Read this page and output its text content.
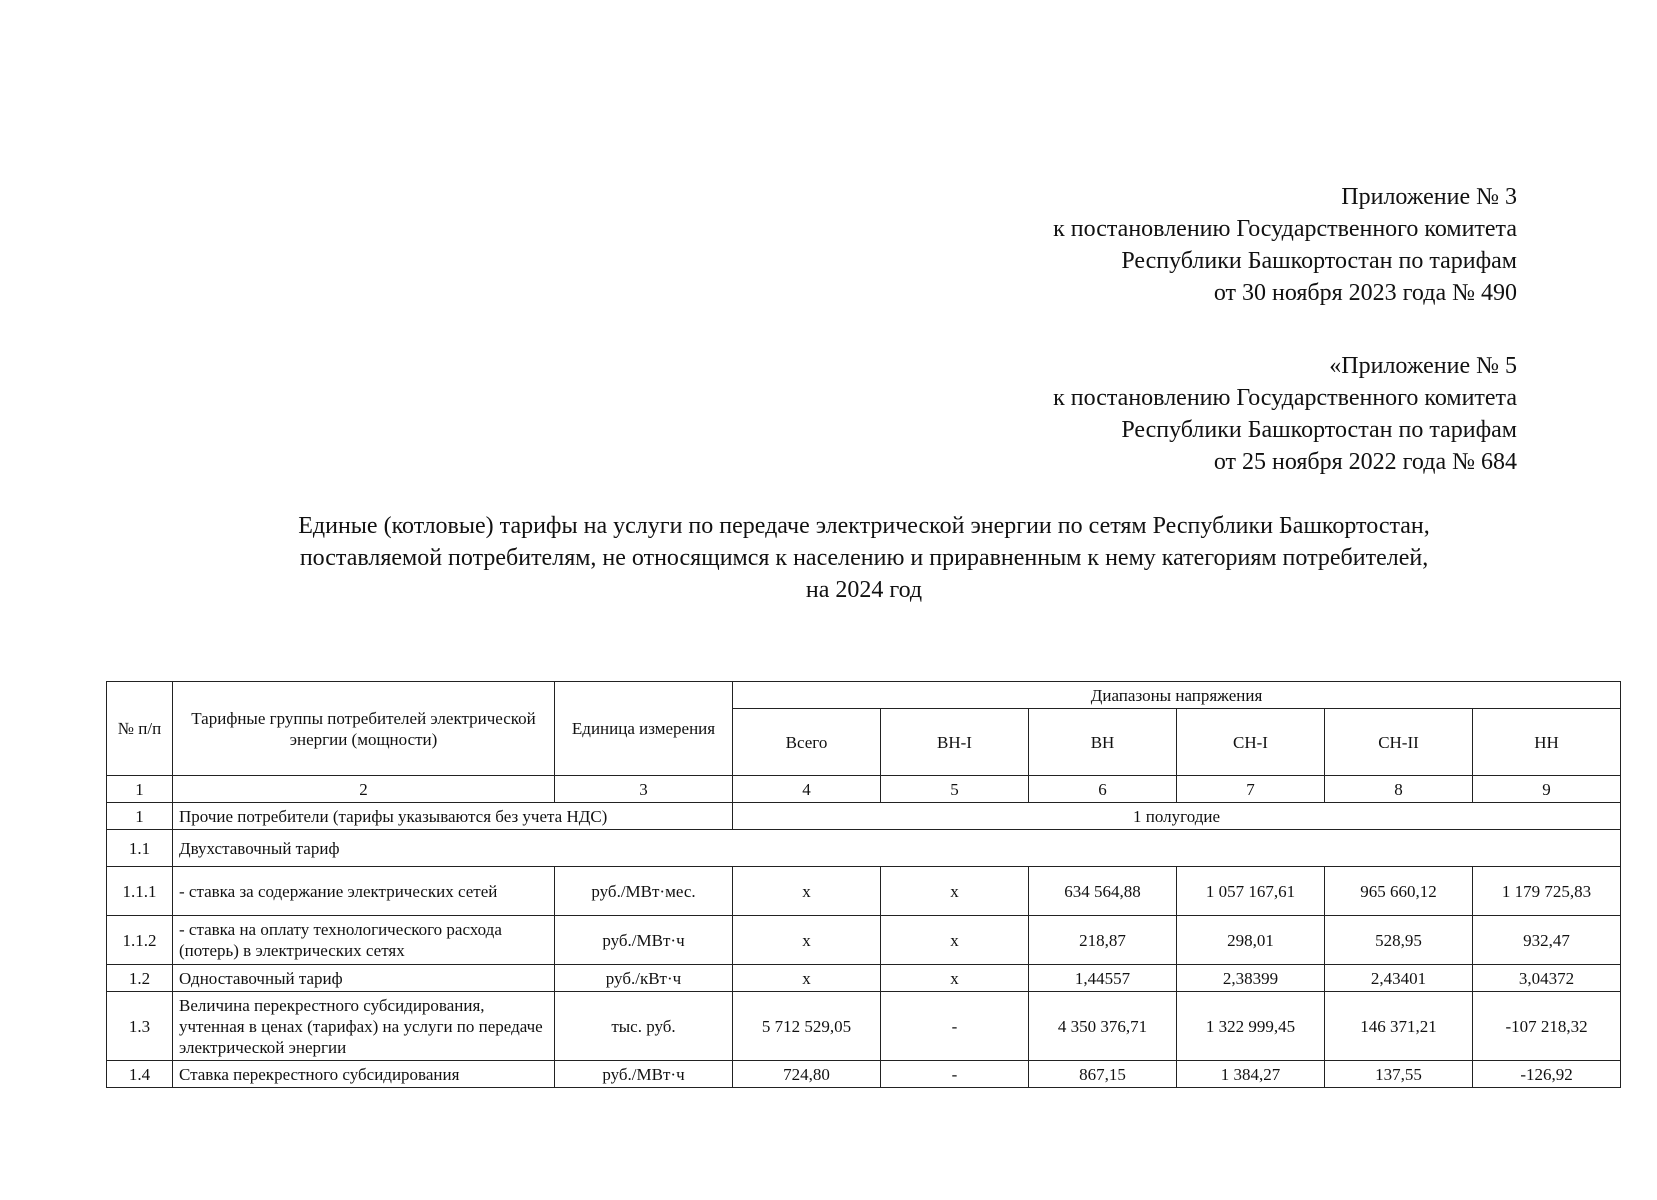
Приложение № 3
к постановлению Государственного комитета
Республики Башкортостан по тарифам
от 30 ноября 2023 года № 490
«Приложение № 5
к постановлению Государственного комитета
Республики Башкортостан по тарифам
от 25 ноября 2022 года № 684
Единые (котловые) тарифы на услуги по передаче электрической энергии по сетям Республики Башкортостан,
поставляемой потребителям, не относящимся к населению и приравненным к нему категориям потребителей,
на 2024 год
№ п/п	Тарифные группы потребителей электрической энергии (мощности)	Единица измерения	Диапазоны напряжения					
			Всего	ВН-I	ВН	СН-I	СН-II	НН
1	2	3	4	5	6	7	8	9
1	Прочие потребители (тарифы указываются без учета НДС)		1 полугодие					
1.1	Двухставочный тариф							
1.1.1	- ставка за содержание электрических сетей	руб./МВт·мес.	х	х	634 564,88	1 057 167,61	965 660,12	1 179 725,83
1.1.2	- ставка на оплату технологического расхода (потерь) в электрических сетях	руб./МВт·ч	х	х	218,87	298,01	528,95	932,47
1.2	Одноставочный тариф	руб./кВт·ч	х	х	1,44557	2,38399	2,43401	3,04372
1.3	Величина перекрестного субсидирования, учтенная в ценах (тарифах) на услуги по передаче электрической энергии	тыс. руб.	5 712 529,05	-	4 350 376,71	1 322 999,45	146 371,21	-107 218,32
1.4	Ставка перекрестного субсидирования	руб./МВт·ч	724,80	-	867,15	1 384,27	137,55	-126,92
